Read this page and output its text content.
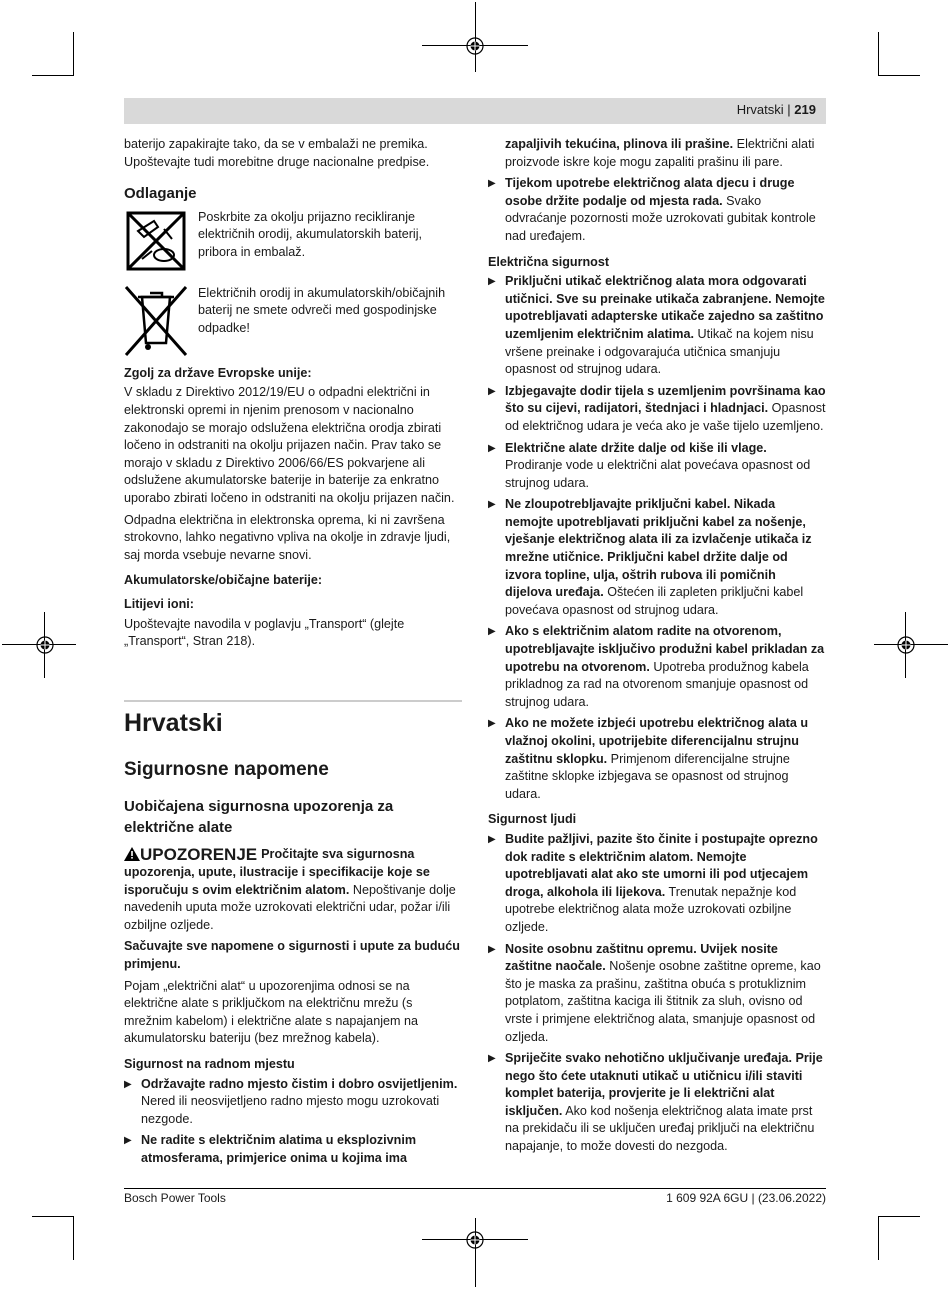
Hrvatski | 219

baterijo zapakirajte tako, da se v embalaži ne premika. Upoštevajte tudi morebitne druge nacionalne predpise.

Odlaganje
Poskrbite za okolju prijazno recikliranje električnih orodij, akumulatorskih baterij, pribora in embalaž.
Električnih orodij in akumulatorskih/običajnih baterij ne smete odvreči med gospodinjske odpadke!
Zgolj za države Evropske unije:

V skladu z Direktivo 2012/19/EU o odpadni električni in elektronski opremi in njenim prenosom v nacionalno zakonodajo se morajo odslužena električna orodja zbirati ločeno in odstraniti na okolju prijazen način. Prav tako se morajo v skladu z Direktivo 2006/66/ES pokvarjene ali odslužene akumulatorske baterije in baterije za enkratno uporabo zbirati ločeno in odstraniti na okolju prijazen način.

Odpadna električna in elektronska oprema, ki ni završena strokovno, lahko negativno vpliva na okolje in zdravje ljudi, saj morda vsebuje nevarne snovi.

Akumulatorske/običajne baterije:
Litijevi ioni:

Upoštevajte navodila v poglavju „Transport“ (glejte „Transport“, Stran 218).

Hrvatski
Sigurnosne napomene
Uobičajena sigurnosna upozorenja za električne alate

UPOZORENJE Pročitajte sva sigurnosna upozorenja, upute, ilustracije i specifikacije koje se isporučuju s ovim električnim alatom. Nepoštivanje dolje navedenih uputa može uzrokovati električni udar, požar i/ili ozbiljne ozljede.

Sačuvajte sve napomene o sigurnosti i upute za buduću primjenu.

Pojam „električni alat“ u upozorenjima odnosi se na električne alate s priključkom na električnu mrežu (s mrežnim kabelom) i električne alate s napajanjem na akumulatorsku bateriju (bez mrežnog kabela).

Sigurnost na radnom mjestu
▶ Održavajte radno mjesto čistim i dobro osvijetljenim. Nered ili neosvijetljeno radno mjesto mogu uzrokovati nezgode.
▶ Ne radite s električnim alatima u eksplozivnim atmosferama, primjerice onima u kojima ima
zapaljivih tekućina, plinova ili prašine. Električni alati proizvode iskre koje mogu zapaliti prašinu ili pare.
▶ Tijekom upotrebe električnog alata djecu i druge osobe držite podalje od mjesta rada. Svako odvraćanje pozornosti može uzrokovati gubitak kontrole nad uređajem.
Električna sigurnost
▶ Priključni utikač električnog alata mora odgovarati utičnici. Sve su preinake utikača zabranjene. Nemojte upotrebljavati adapterske utikače zajedno sa zaštitno uzemljenim električnim alatima. Utikač na kojem nisu vršene preinake i odgovarajuća utičnica smanjuju opasnost od strujnog udara.
▶ Izbjegavajte dodir tijela s uzemljenim površinama kao što su cijevi, radijatori, štednjaci i hladnjaci. Opasnost od električnog udara je veća ako je vaše tijelo uzemljeno.
▶ Električne alate držite dalje od kiše ili vlage. Prodiranje vode u električni alat povećava opasnost od strujnog udara.
▶ Ne zloupotrebljavajte priključni kabel. Nikada nemojte upotrebljavati priključni kabel za nošenje, vješanje električnog alata ili za izvlačenje utikača iz mrežne utičnice. Priključni kabel držite dalje od izvora topline, ulja, oštrih rubova ili pomičnih dijelova uređaja. Oštećen ili zapleten priključni kabel povećava opasnost od strujnog udara.
▶ Ako s električnim alatom radite na otvorenom, upotrebljavajte isključivo produžni kabel prikladan za upotrebu na otvorenom. Upotreba produžnog kabela prikladnog za rad na otvorenom smanjuje opasnost od strujnog udara.
▶ Ako ne možete izbjeći upotrebu električnog alata u vlažnoj okolini, upotrijebite diferencijalnu strujnu zaštitnu sklopku. Primjenom diferencijalne strujne zaštitne sklopke izbjegava se opasnost od strujnog udara.
Sigurnost ljudi
▶ Budite pažljivi, pazite što činite i postupajte oprezno dok radite s električnim alatom. Nemojte upotrebljavati alat ako ste umorni ili pod utjecajem droga, alkohola ili lijekova. Trenutak nepažnje kod upotrebe električnog alata može uzrokovati ozbiljne ozljede.
▶ Nosite osobnu zaštitnu opremu. Uvijek nosite zaštitne naočale. Nošenje osobne zaštitne opreme, kao što je maska za prašinu, zaštitna obuća s protukliznim potplatom, zaštitna kaciga ili štitnik za sluh, ovisno od vrste i primjene električnog alata, smanjuje opasnost od ozljeda.
▶ Spriječite svako nehotično uključivanje uređaja. Prije nego što ćete utaknuti utikač u utičnicu i/ili staviti komplet baterija, provjerite je li električni alat isključen. Ako kod nošenja električnog alata imate prst na prekidaču ili se uključen uređaj priključi na električnu napajanje, to može dovesti do nezgoda.
Bosch Power Tools	1 609 92A 6GU | (23.06.2022)
